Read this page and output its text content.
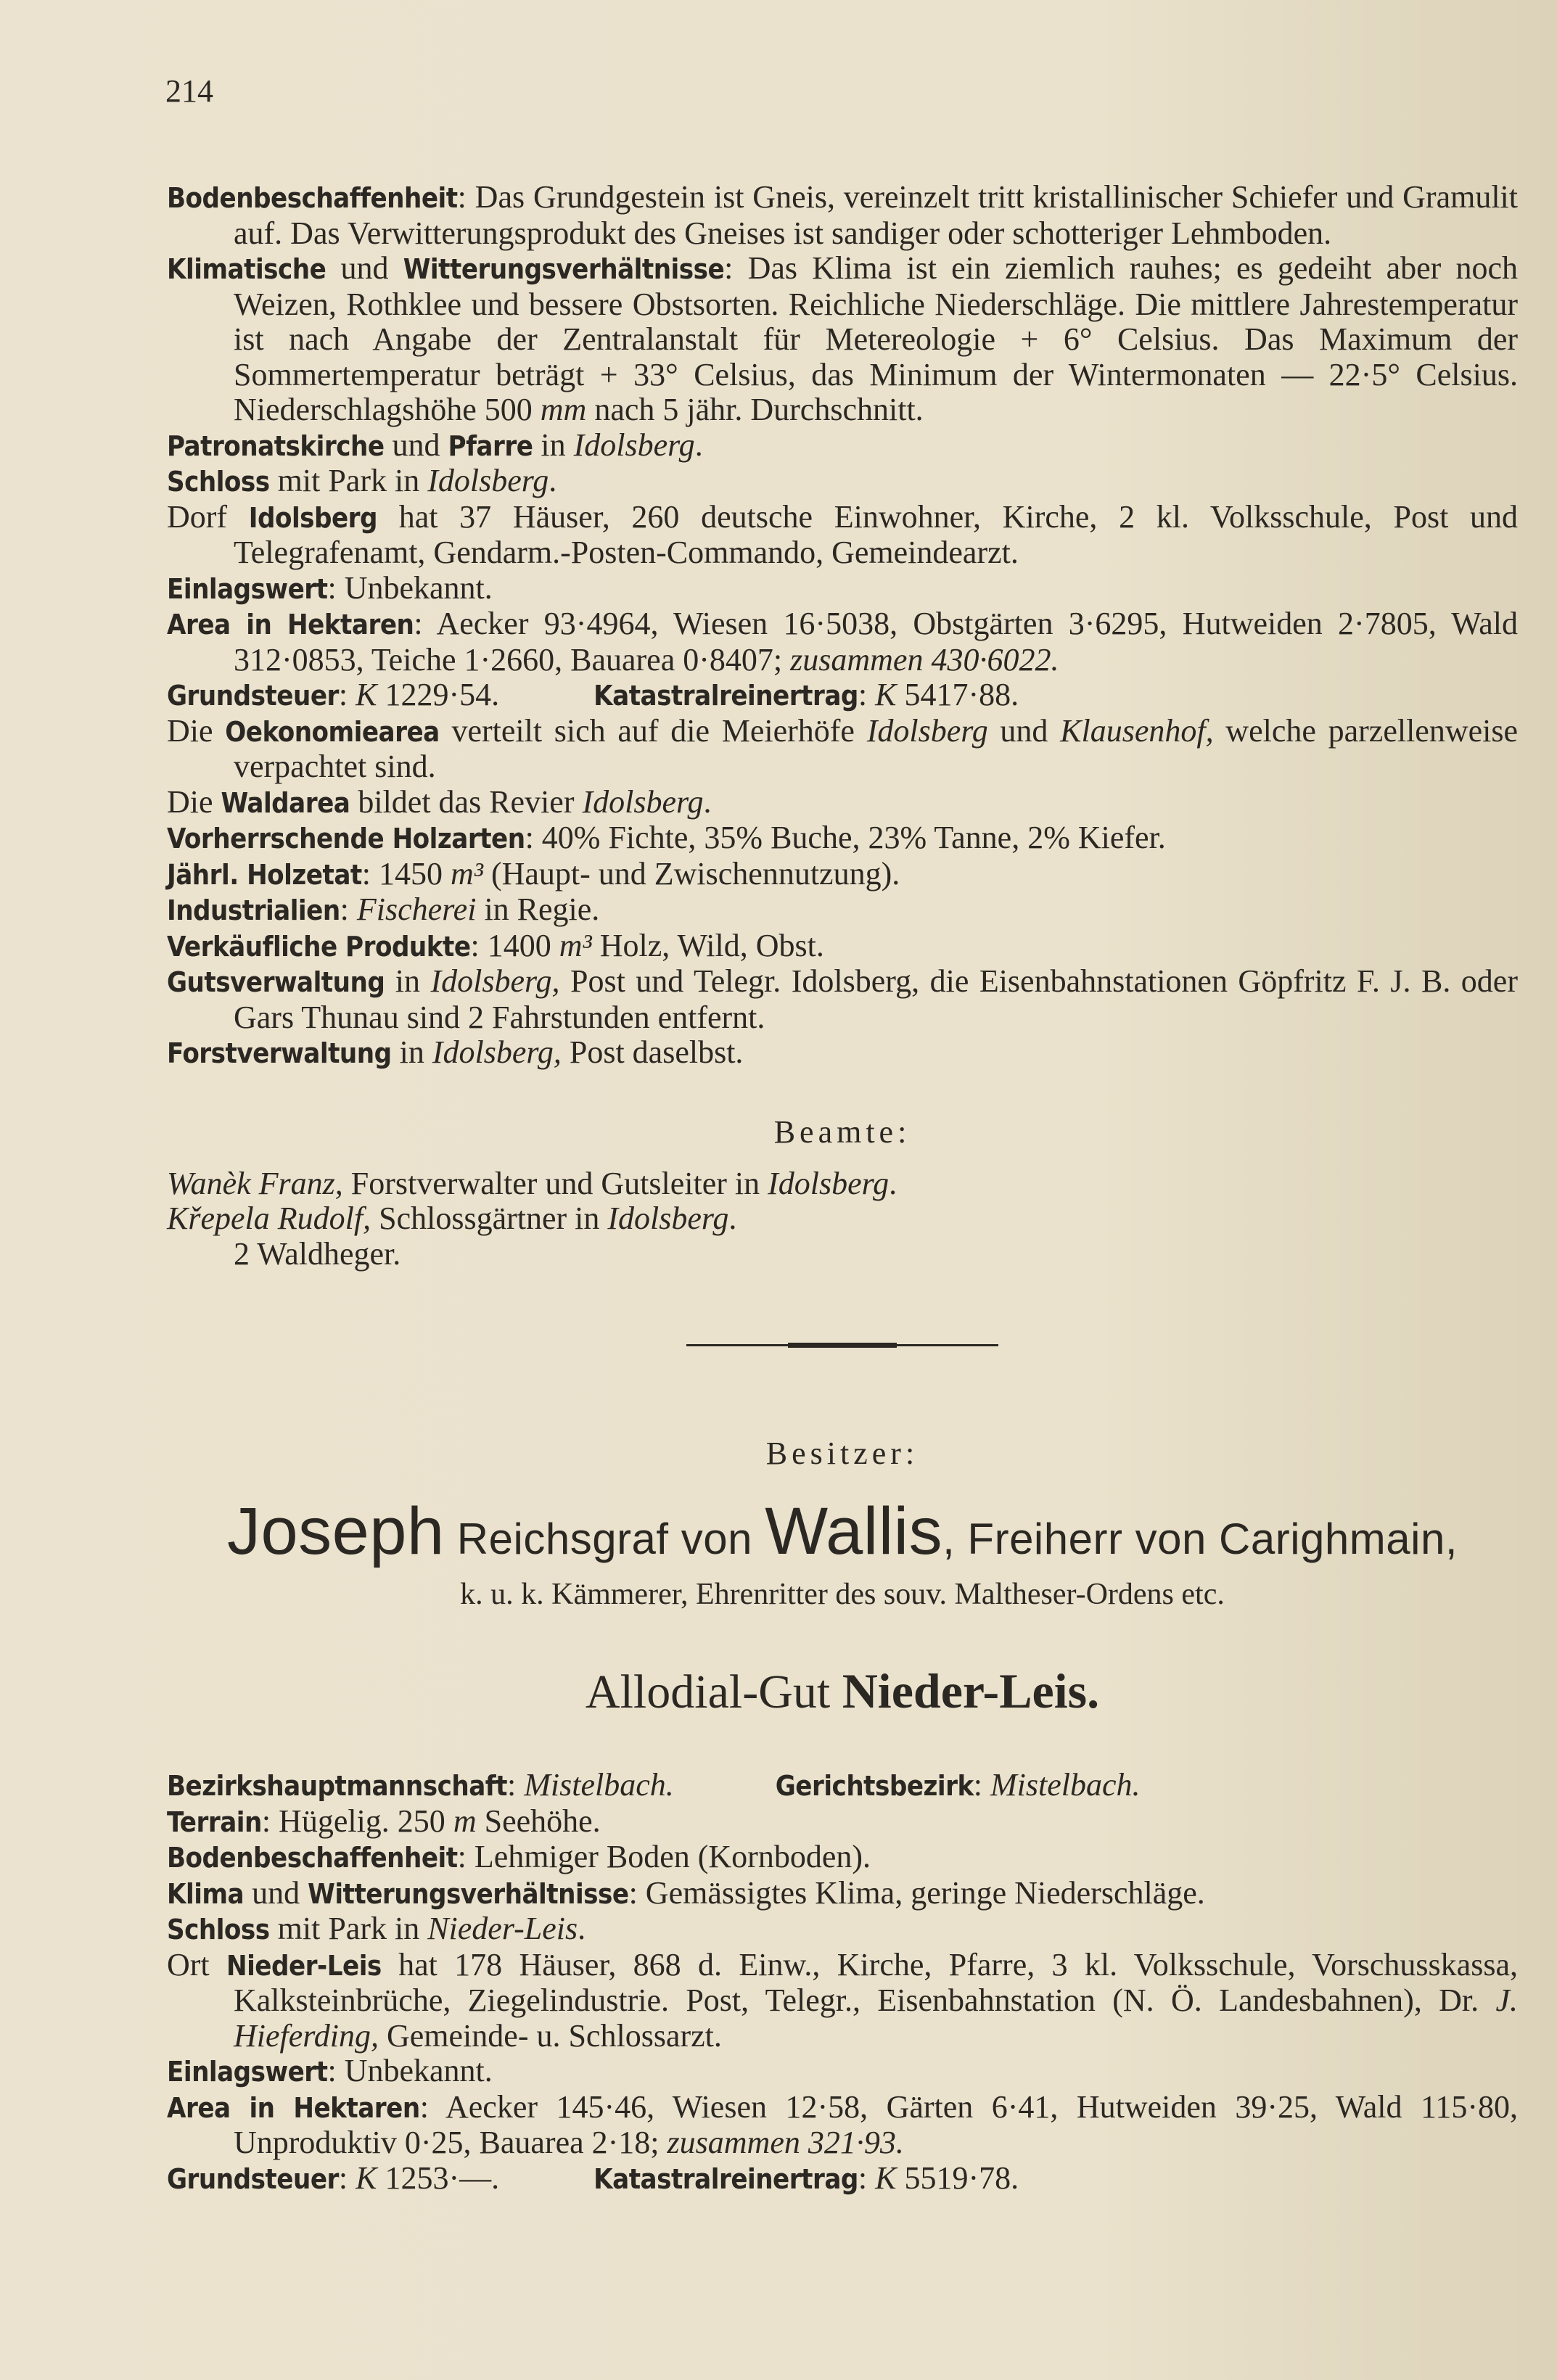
214

Bodenbeschaffenheit: Das Grundgestein ist Gneis, vereinzelt tritt kristallinischer Schiefer und Gramulit auf. Das Verwitterungsprodukt des Gneises ist sandiger oder schotteriger Lehmboden.

Klimatische und Witterungsverhältnisse: Das Klima ist ein ziemlich rauhes; es gedeiht aber noch Weizen, Rothklee und bessere Obstsorten. Reichliche Niederschläge. Die mittlere Jahrestemperatur ist nach Angabe der Zentralanstalt für Metereologie + 6° Celsius. Das Maximum der Sommertemperatur beträgt + 33° Celsius, das Minimum der Wintermonaten — 22·5° Celsius. Niederschlagshöhe 500 mm nach 5 jähr. Durchschnitt.

Patronatskirche und Pfarre in Idolsberg.

Schloss mit Park in Idolsberg.

Dorf Idolsberg hat 37 Häuser, 260 deutsche Einwohner, Kirche, 2 kl. Volksschule, Post und Telegrafenamt, Gendarm.-Posten-Commando, Gemeindearzt.

Einlagswert: Unbekannt.

Area in Hektaren: Aecker 93·4964, Wiesen 16·5038, Obstgärten 3·6295, Hutweiden 2·7805, Wald 312·0853, Teiche 1·2660, Bauarea 0·8407; zusammen 430·6022.

Grundsteuer: K 1229·54.	Katastralreinertrag: K 5417·88.

Die Oekonomiearea verteilt sich auf die Meierhöfe Idolsberg und Klausenhof, welche parzellenweise verpachtet sind.

Die Waldarea bildet das Revier Idolsberg.

Vorherrschende Holzarten: 40% Fichte, 35% Buche, 23% Tanne, 2% Kiefer.

Jährl. Holzetat: 1450 m³ (Haupt- und Zwischennutzung).

Industrialien: Fischerei in Regie.

Verkäufliche Produkte: 1400 m³ Holz, Wild, Obst.

Gutsverwaltung in Idolsberg, Post und Telegr. Idolsberg, die Eisenbahnstationen Göpfritz F. J. B. oder Gars Thunau sind 2 Fahrstunden entfernt.

Forstverwaltung in Idolsberg, Post daselbst.

Beamte:

Wanèk Franz, Forstverwalter und Gutsleiter in Idolsberg.

Křepela Rudolf, Schlossgärtner in Idolsberg.

2 Waldheger.

Besitzer:
Joseph Reichsgraf von Wallis, Freiherr von Carighmain,
k. u. k. Kämmerer, Ehrenritter des souv. Maltheser-Ordens etc.
Allodial-Gut Nieder-Leis.

Bezirkshauptmannschaft: Mistelbach.	Gerichtsbezirk: Mistelbach.

Terrain: Hügelig. 250 m Seehöhe.

Bodenbeschaffenheit: Lehmiger Boden (Kornboden).

Klima und Witterungsverhältnisse: Gemässigtes Klima, geringe Niederschläge.

Schloss mit Park in Nieder-Leis.

Ort Nieder-Leis hat 178 Häuser, 868 d. Einw., Kirche, Pfarre, 3 kl. Volksschule, Vorschusskassa, Kalksteinbrüche, Ziegelindustrie. Post, Telegr., Eisenbahnstation (N. Ö. Landesbahnen), Dr. J. Hieferding, Gemeinde- u. Schlossarzt.

Einlagswert: Unbekannt.

Area in Hektaren: Aecker 145·46, Wiesen 12·58, Gärten 6·41, Hutweiden 39·25, Wald 115·80, Unproduktiv 0·25, Bauarea 2·18; zusammen 321·93.

Grundsteuer: K 1253·—.	Katastralreinertrag: K 5519·78.
